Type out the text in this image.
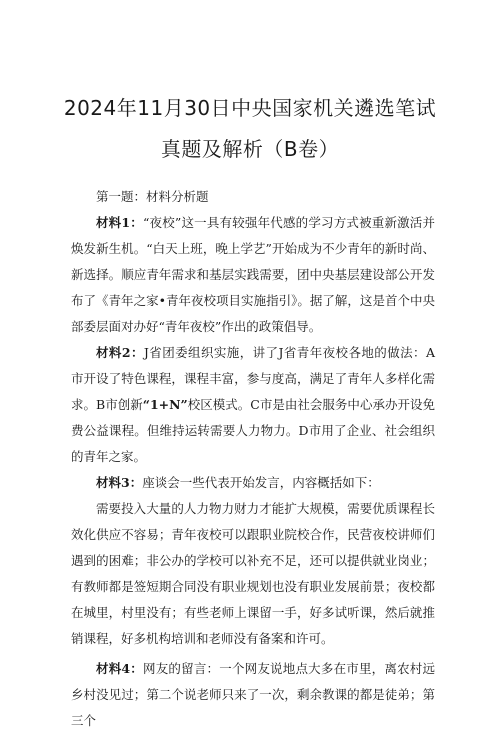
2024年11月30日中央国家机关遴选笔试
真题及解析（B卷）

第一题：材料分析题

材料1：“夜校”这一具有较强年代感的学习方式被重新激活并焕发新生机。“白天上班，晚上学艺”开始成为不少青年的新时尚、新选择。顺应青年需求和基层实践需要，团中央基层建设部公开发布了《青年之家•青年夜校项目实施指引》。据了解，这是首个中央部委层面对办好“青年夜校”作出的政策倡导。

材料2：J省团委组织实施，讲了J省青年夜校各地的做法：A市开设了特色课程，课程丰富，参与度高，满足了青年人多样化需求。B市创新“1+N”校区模式。C市是由社会服务中心承办开设免费公益课程。但维持运转需要人力物力。D市用了企业、社会组织的青年之家。

材料3：座谈会一些代表开始发言，内容概括如下：

需要投入大量的人力物力财力才能扩大规模，需要优质课程长效化供应不容易；青年夜校可以跟职业院校合作，民营夜校讲师们遇到的困难；非公办的学校可以补充不足，还可以提供就业岗业；有教师都是签短期合同没有职业规划也没有职业发展前景；夜校都在城里，村里没有；有些老师上课留一手，好多试听课，然后就推销课程，好多机构培训和老师没有备案和许可。

材料4：网友的留言：一个网友说地点大多在市里，离农村远乡村没见过；第二个说老师只来了一次，剩余教课的都是徒弟；第三个
